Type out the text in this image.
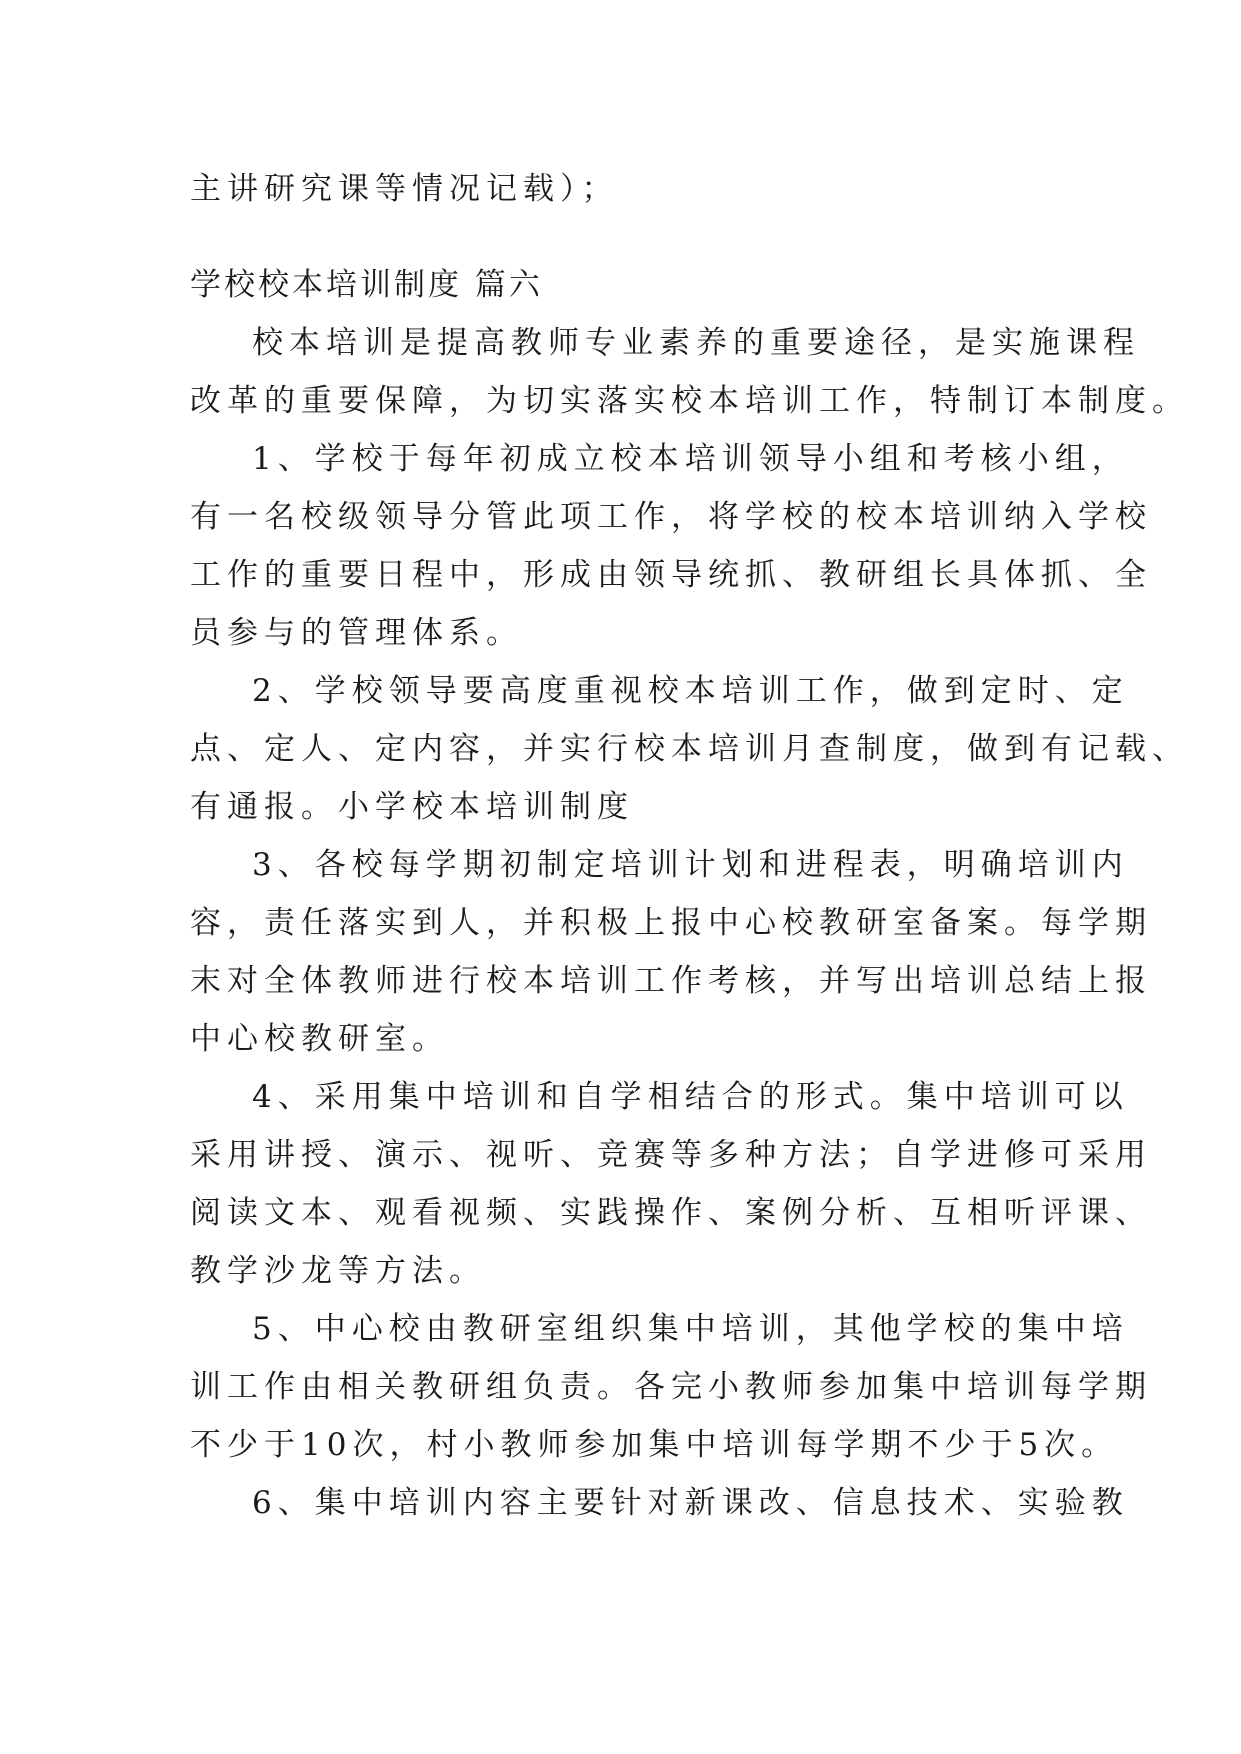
主讲研究课等情况记载）；
学校校本培训制度 篇六
校本培训是提高教师专业素养的重要途径，是实施课程
改革的重要保障，为切实落实校本培训工作，特制订本制度。
1、学校于每年初成立校本培训领导小组和考核小组，
有一名校级领导分管此项工作，将学校的校本培训纳入学校
工作的重要日程中，形成由领导统抓、教研组长具体抓、全
员参与的管理体系。
2、学校领导要高度重视校本培训工作，做到定时、定
点、定人、定内容，并实行校本培训月查制度，做到有记载、
有通报。小学校本培训制度
3、各校每学期初制定培训计划和进程表，明确培训内
容，责任落实到人，并积极上报中心校教研室备案。每学期
末对全体教师进行校本培训工作考核，并写出培训总结上报
中心校教研室。
4、采用集中培训和自学相结合的形式。集中培训可以
采用讲授、演示、视听、竞赛等多种方法；自学进修可采用
阅读文本、观看视频、实践操作、案例分析、互相听评课、
教学沙龙等方法。
5、中心校由教研室组织集中培训，其他学校的集中培
训工作由相关教研组负责。各完小教师参加集中培训每学期
不少于10次，村小教师参加集中培训每学期不少于5次。
6、集中培训内容主要针对新课改、信息技术、实验教
